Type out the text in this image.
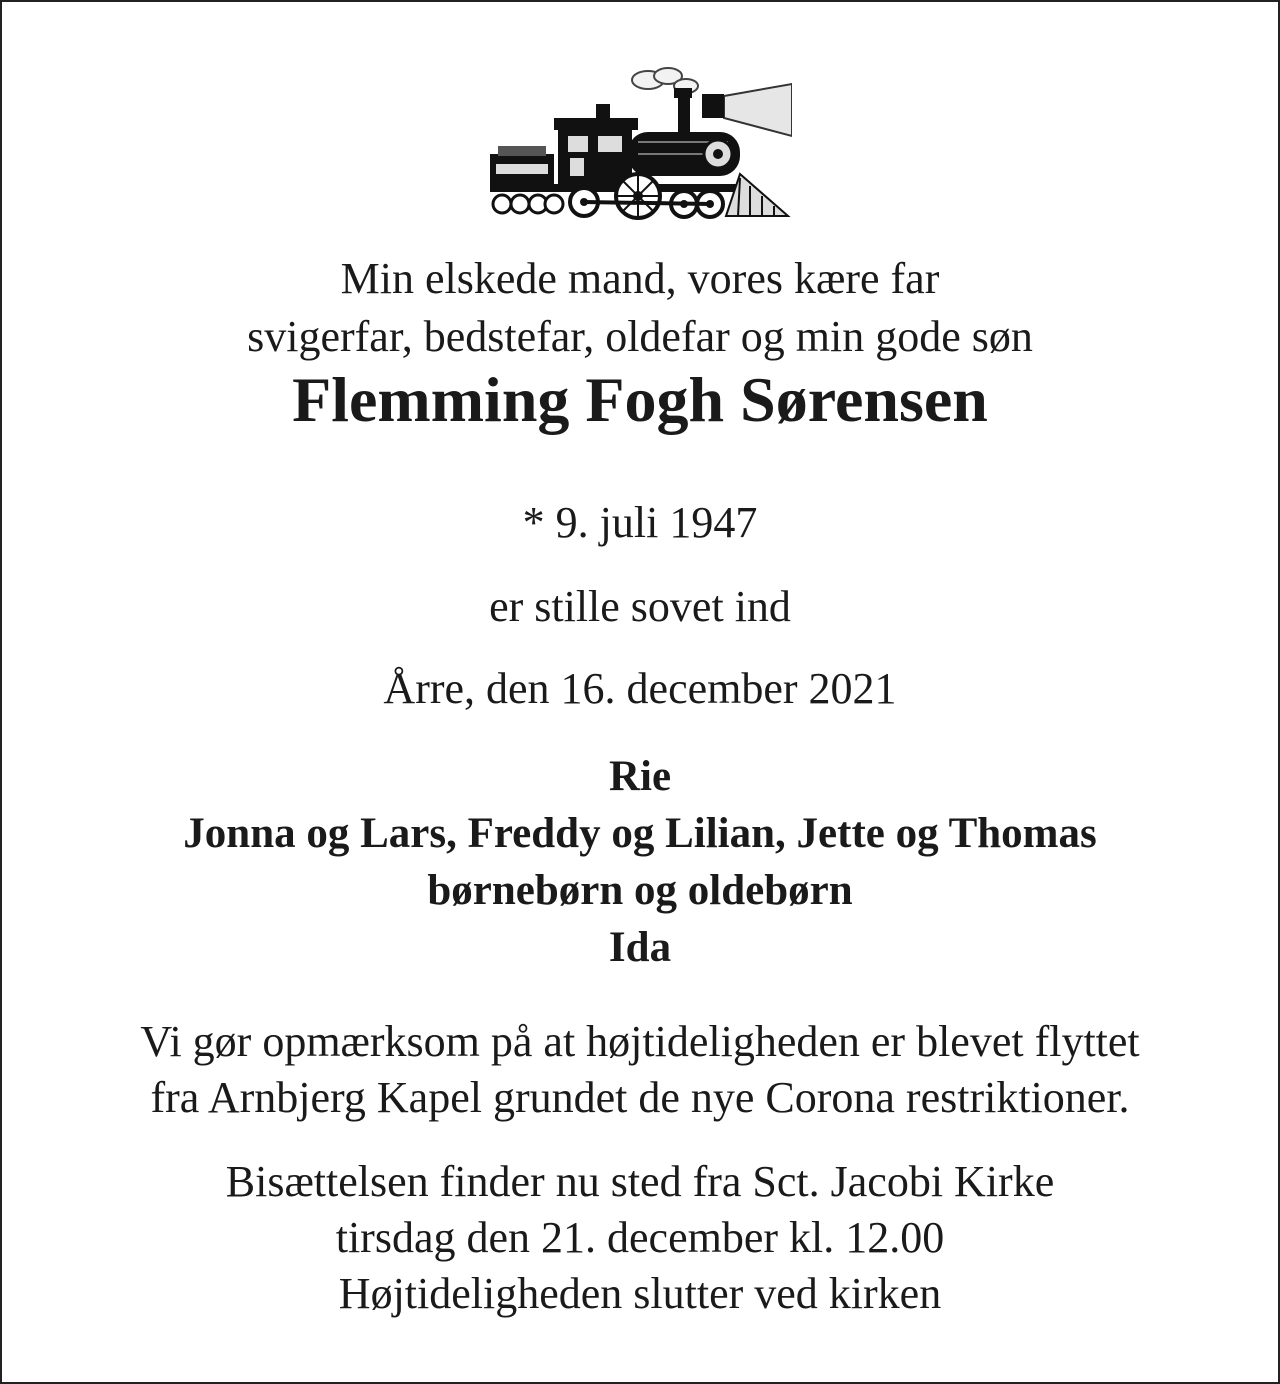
Min elskede mand, vores kære far
svigerfar, bedstefar, oldefar og min gode søn
Flemming Fogh Sørensen
* 9. juli 1947
er stille sovet ind
Årre, den 16. december 2021
Rie
Jonna og Lars, Freddy og Lilian, Jette og Thomas
børnebørn og oldebørn
Ida
Vi gør opmærksom på at højtideligheden er blevet flyttet
fra Arnbjerg Kapel grundet de nye Corona restriktioner.
Bisættelsen finder nu sted fra Sct. Jacobi Kirke
tirsdag den 21. december kl. 12.00
Højtideligheden slutter ved kirken
